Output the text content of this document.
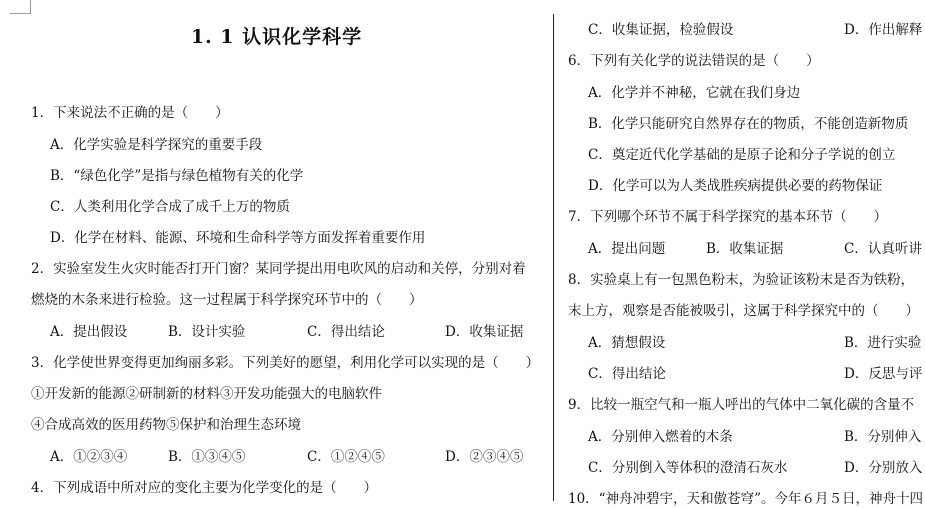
1. 1 认识化学科学
1．下来说法不正确的是（　　）
A．化学实验是科学探究的重要手段
B．“绿色化学”是指与绿色植物有关的化学
C．人类利用化学合成了成千上万的物质
D．化学在材料、能源、环境和生命科学等方面发挥着重要作用
2．实验室发生火灾时能否打开门窗？某同学提出用电吹风的启动和关停，分别对着
燃烧的木条来进行检验。这一过程属于科学探究环节中的（　　）
A．提出假设	B．设计实验	C．得出结论	D．收集证据
3．化学使世界变得更加绚丽多彩。下列美好的愿望，利用化学可以实现的是（　　）
①开发新的能源②研制新的材料③开发功能强大的电脑软件
④合成高效的医用药物⑤保护和治理生态环境
A．①②③④	B．①③④⑤	C．①②④⑤	D．②③④⑤
4．下列成语中所对应的变化主要为化学变化的是（　　）
C．收集证据，检验假设	D．作出解释
6．下列有关化学的说法错误的是（　　）
A．化学并不神秘，它就在我们身边
B．化学只能研究自然界存在的物质，不能创造新物质
C．奠定近代化学基础的是原子论和分子学说的创立
D．化学可以为人类战胜疾病提供必要的药物保证
7．下列哪个环节不属于科学探究的基本环节（　　）
A．提出问题	B．收集证据	C．认真听讲
8．实验桌上有一包黑色粉末，为验证该粉末是否为铁粉，
末上方，观察是否能被吸引，这属于科学探究中的（　　）
A．猜想假设	B．进行实验
C．得出结论	D．反思与评
9．比较一瓶空气和一瓶人呼出的气体中二氧化碳的含量不
A．分别伸入燃着的木条	B．分别伸入
C．分别倒入等体积的澄清石灰水	D．分别放入
10．“神舟冲碧宇，天和傲苍穹”。今年６月５日，神舟十四
